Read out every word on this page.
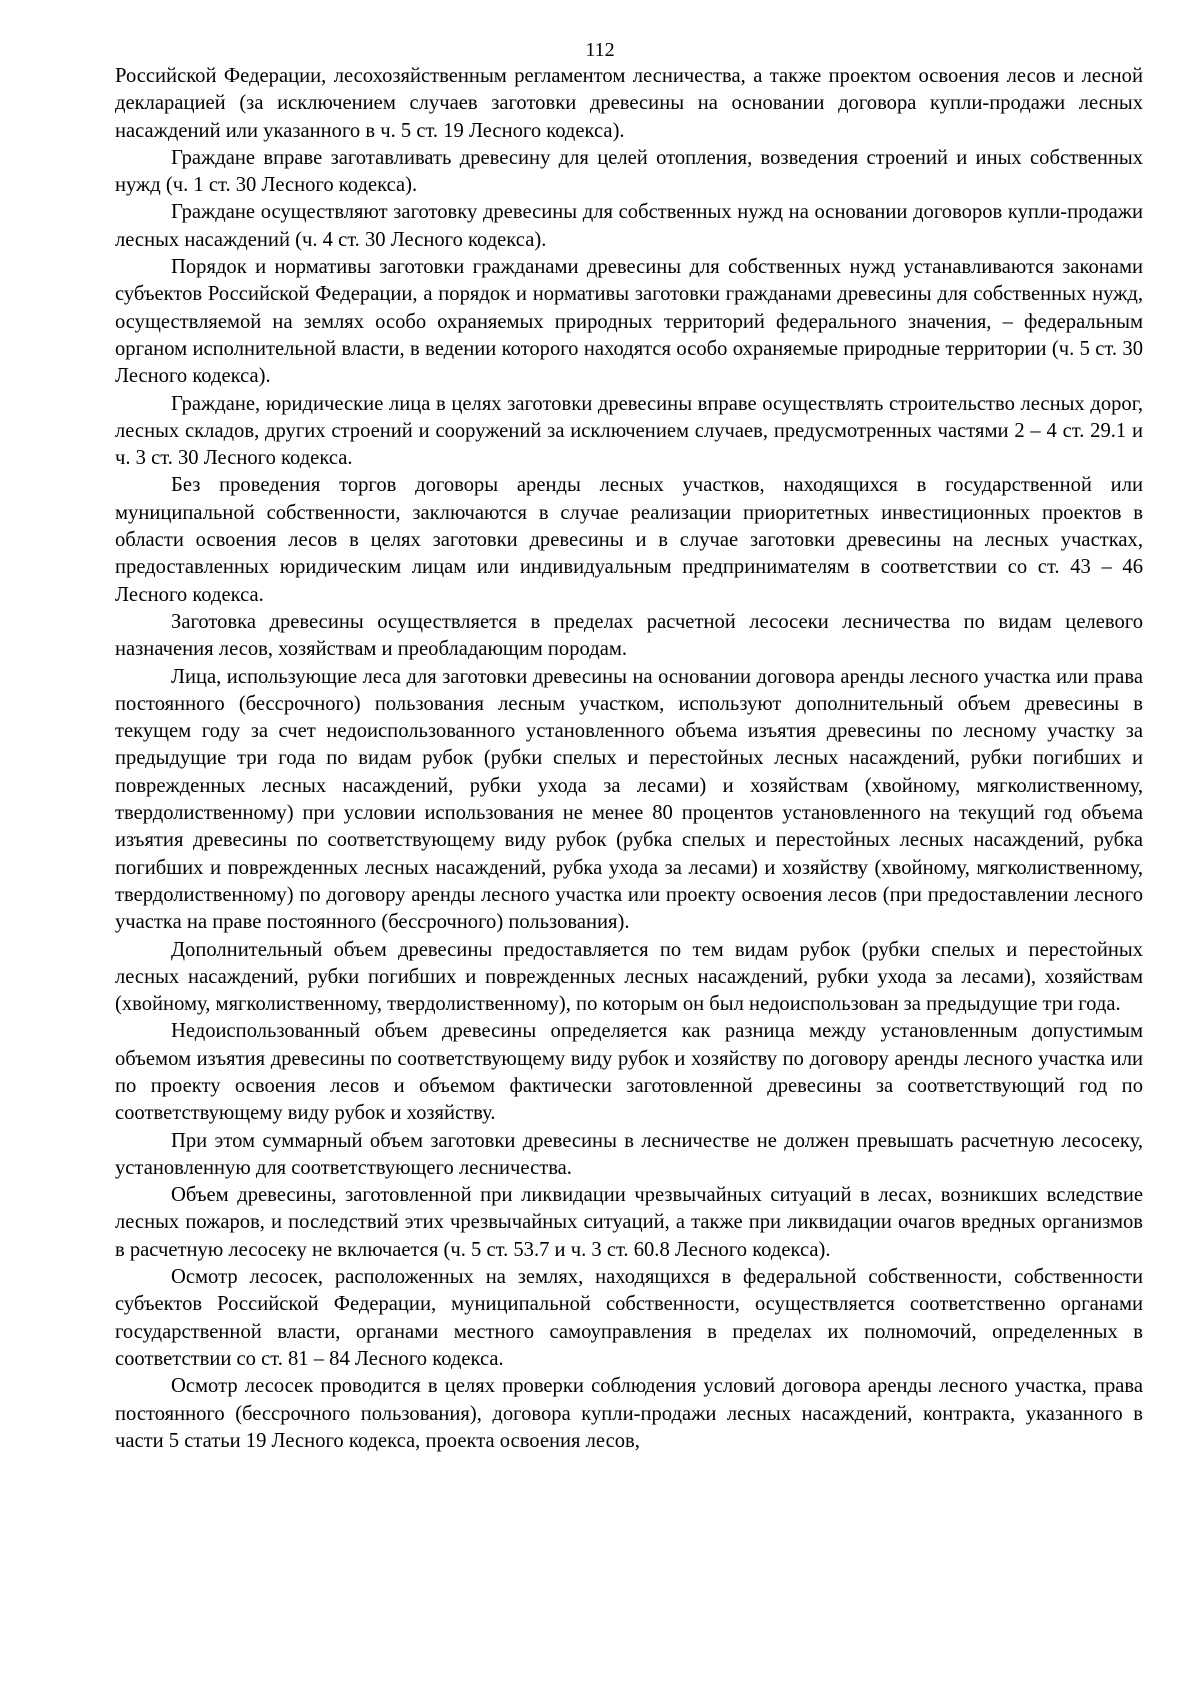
112

Российской Федерации, лесохозяйственным регламентом лесничества, а также проектом освоения лесов и лесной декларацией (за исключением случаев заготовки древесины на основании договора купли-продажи лесных насаждений или указанного в ч. 5 ст. 19 Лесного кодекса).

Граждане вправе заготавливать древесину для целей отопления, возведения строений и иных собственных нужд (ч. 1 ст. 30 Лесного кодекса).

Граждане осуществляют заготовку древесины для собственных нужд на основании договоров купли-продажи лесных насаждений (ч. 4 ст. 30 Лесного кодекса).

Порядок и нормативы заготовки гражданами древесины для собственных нужд устанавливаются законами субъектов Российской Федерации, а порядок и нормативы заготовки гражданами древесины для собственных нужд, осуществляемой на землях особо охраняемых природных территорий федерального значения, – федеральным органом исполнительной власти, в ведении которого находятся особо охраняемые природные территории (ч. 5 ст. 30 Лесного кодекса).

Граждане, юридические лица в целях заготовки древесины вправе осуществлять строительство лесных дорог, лесных складов, других строений и сооружений за исключением случаев, предусмотренных частями 2 – 4 ст. 29.1 и ч. 3 ст. 30 Лесного кодекса.

Без проведения торгов договоры аренды лесных участков, находящихся в государственной или муниципальной собственности, заключаются в случае реализации приоритетных инвестиционных проектов в области освоения лесов в целях заготовки древесины и в случае заготовки древесины на лесных участках, предоставленных юридическим лицам или индивидуальным предпринимателям в соответствии со ст. 43 – 46 Лесного кодекса.

Заготовка древесины осуществляется в пределах расчетной лесосеки лесничества по видам целевого назначения лесов, хозяйствам и преобладающим породам.

Лица, использующие леса для заготовки древесины на основании договора аренды лесного участка или права постоянного (бессрочного) пользования лесным участком, используют дополнительный объем древесины в текущем году за счет недоиспользованного установленного объема изъятия древесины по лесному участку за предыдущие три года по видам рубок (рубки спелых и перестойных лесных насаждений, рубки погибших и поврежденных лесных насаждений, рубки ухода за лесами) и хозяйствам (хвойному, мягколиственному, твердолиственному) при условии использования не менее 80 процентов установленного на текущий год объема изъятия древесины по соответствующему виду рубок (рубка спелых и перестойных лесных насаждений, рубка погибших и поврежденных лесных насаждений, рубка ухода за лесами) и хозяйству (хвойному, мягколиственному, твердолиственному) по договору аренды лесного участка или проекту освоения лесов (при предоставлении лесного участка на праве постоянного (бессрочного) пользования).

Дополнительный объем древесины предоставляется по тем видам рубок (рубки спелых и перестойных лесных насаждений, рубки погибших и поврежденных лесных насаждений, рубки ухода за лесами), хозяйствам (хвойному, мягколиственному, твердолиственному), по которым он был недоиспользован за предыдущие три года.

Недоиспользованный объем древесины определяется как разница между установленным допустимым объемом изъятия древесины по соответствующему виду рубок и хозяйству по договору аренды лесного участка или по проекту освоения лесов и объемом фактически заготовленной древесины за соответствующий год по соответствующему виду рубок и хозяйству.

При этом суммарный объем заготовки древесины в лесничестве не должен превышать расчетную лесосеку, установленную для соответствующего лесничества.

Объем древесины, заготовленной при ликвидации чрезвычайных ситуаций в лесах, возникших вследствие лесных пожаров, и последствий этих чрезвычайных ситуаций, а также при ликвидации очагов вредных организмов в расчетную лесосеку не включается (ч. 5 ст. 53.7 и ч. 3 ст. 60.8 Лесного кодекса).

Осмотр лесосек, расположенных на землях, находящихся в федеральной собственности, собственности субъектов Российской Федерации, муниципальной собственности, осуществляется соответственно органами государственной власти, органами местного самоуправления в пределах их полномочий, определенных в соответствии со ст. 81 – 84 Лесного кодекса.

Осмотр лесосек проводится в целях проверки соблюдения условий договора аренды лесного участка, права постоянного (бессрочного пользования), договора купли-продажи лесных насаждений, контракта, указанного в части 5 статьи 19 Лесного кодекса, проекта освоения лесов,
